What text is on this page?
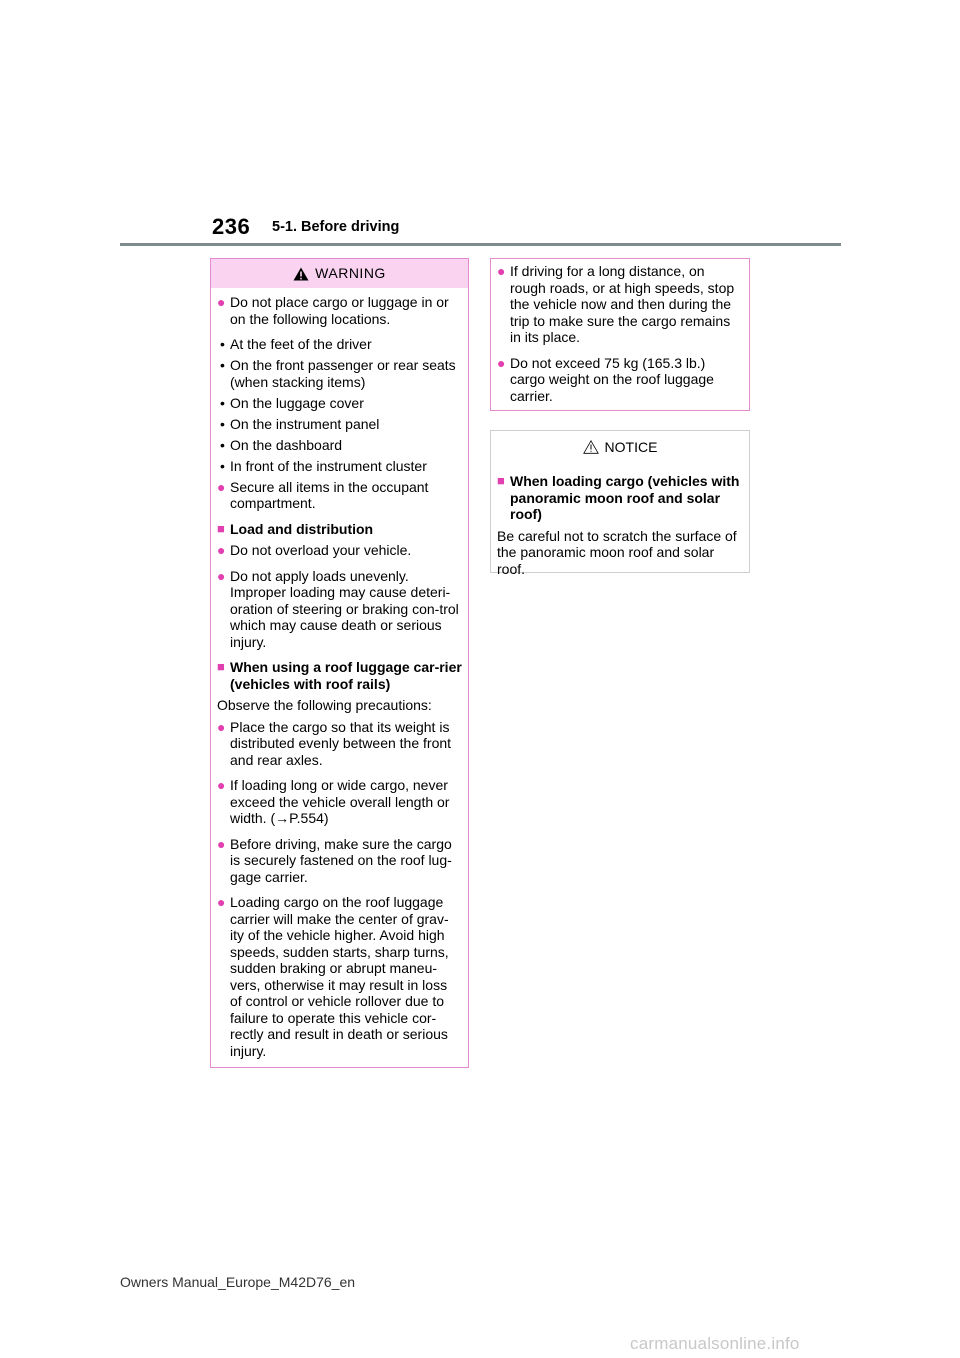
236 5-1. Before driving
WARNING
● Do not place cargo or luggage in or on the following locations.
• At the feet of the driver
• On the front passenger or rear seats (when stacking items)
• On the luggage cover
• On the instrument panel
• On the dashboard
• In front of the instrument cluster
● Secure all items in the occupant compartment.
■ Load and distribution
● Do not overload your vehicle.
● Do not apply loads unevenly. Improper loading may cause deteri-oration of steering or braking con-trol which may cause death or serious injury.
■ When using a roof luggage car-rier (vehicles with roof rails)
Observe the following precautions:
● Place the cargo so that its weight is distributed evenly between the front and rear axles.
● If loading long or wide cargo, never exceed the vehicle overall length or width. (→P.554)
● Before driving, make sure the cargo is securely fastened on the roof lug-gage carrier.
● Loading cargo on the roof luggage carrier will make the center of grav-ity of the vehicle higher. Avoid high speeds, sudden starts, sharp turns, sudden braking or abrupt maneu-vers, otherwise it may result in loss of control or vehicle rollover due to failure to operate this vehicle cor-rectly and result in death or serious injury.
● If driving for a long distance, on rough roads, or at high speeds, stop the vehicle now and then during the trip to make sure the cargo remains in its place.
● Do not exceed 75 kg (165.3 lb.) cargo weight on the roof luggage carrier.
NOTICE
■ When loading cargo (vehicles with panoramic moon roof and solar roof)
Be careful not to scratch the surface of the panoramic moon roof and solar roof.
Owners Manual_Europe_M42D76_en
carmanualsonline.info
